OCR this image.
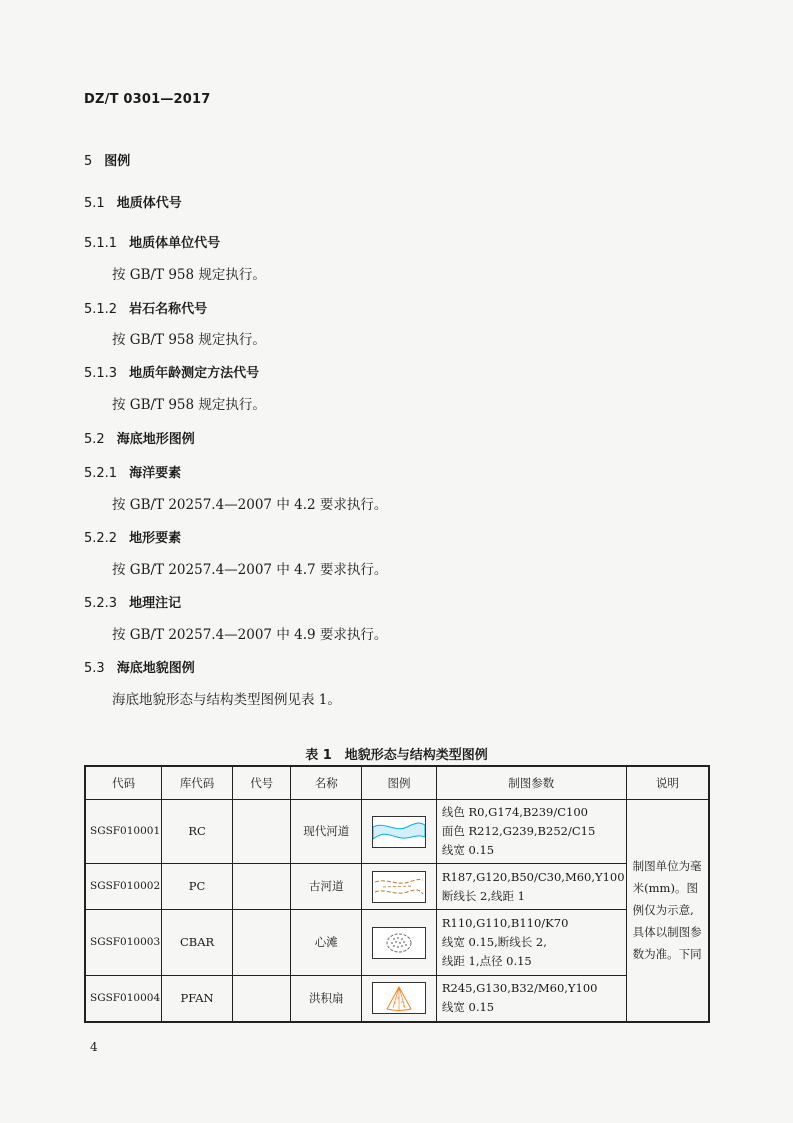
DZ/T 0301—2017
5 图例
5.1 地质体代号
5.1.1 地质体单位代号
按 GB/T 958 规定执行。
5.1.2 岩石名称代号
按 GB/T 958 规定执行。
5.1.3 地质年龄测定方法代号
按 GB/T 958 规定执行。
5.2 海底地形图例
5.2.1 海洋要素
按 GB/T 20257.4—2007 中 4.2 要求执行。
5.2.2 地形要素
按 GB/T 20257.4—2007 中 4.7 要求执行。
5.2.3 地理注记
按 GB/T 20257.4—2007 中 4.9 要求执行。
5.3 海底地貌图例
海底地貌形态与结构类型图例见表 1。
表 1　地貌形态与结构类型图例
代码	库代码	代号	名称	图例	制图参数	说明
SGSF010001	RC		现代河道		线色 R0,G174,B239/C100
面色 R212,G239,B252/C15
线宽 0.15	制图单位为毫米(mm)。图例仅为示意,具体以制图参数为准。下同
SGSF010002	PC		古河道		R187,G120,B50/C30,M60,Y100
断线长 2,线距 1	

SGSF010003	CBAR		心滩		R110,G110,B110/K70
线宽 0.15,断线长 2,
线距 1,点径 0.15	

SGSF010004	PFAN		洪积扇		R245,G130,B32/M60,Y100
线宽 0.15	
4
